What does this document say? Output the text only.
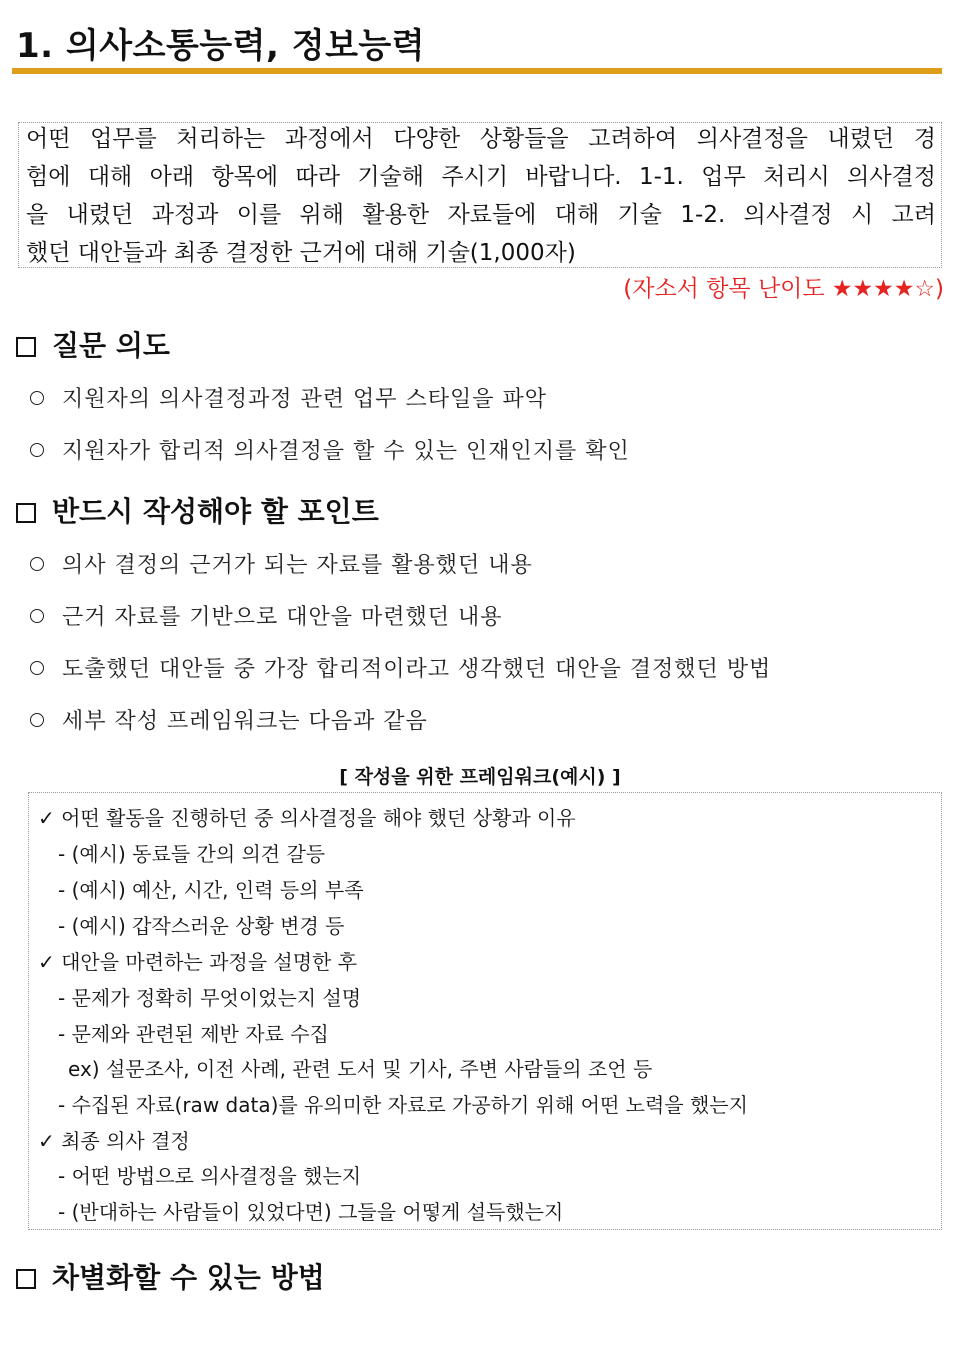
1. 의사소통능력, 정보능력
어떤 업무를 처리하는 과정에서 다양한 상황들을 고려하여 의사결정을 내렸던 경
험에 대해 아래 항목에 따라 기술해 주시기 바랍니다. 1-1. 업무 처리시 의사결정
을 내렸던 과정과 이를 위해 활용한 자료들에 대해 기술 1-2. 의사결정 시 고려
했던 대안들과 최종 결정한 근거에 대해 기술(1,000자)
(자소서 항목 난이도 ★★★★☆)
질문 의도
지원자의 의사결정과정 관련 업무 스타일을 파악
지원자가 합리적 의사결정을 할 수 있는 인재인지를 확인
반드시 작성해야 할 포인트
의사 결정의 근거가 되는 자료를 활용했던 내용
근거 자료를 기반으로 대안을 마련했던 내용
도출했던 대안들 중 가장 합리적이라고 생각했던 대안을 결정했던 방법
세부 작성 프레임워크는 다음과 같음
[ 작성을 위한 프레임워크(예시) ]
✓ 어떤 활동을 진행하던 중 의사결정을 해야 했던 상황과 이유
- (예시) 동료들 간의 의견 갈등
- (예시) 예산, 시간, 인력 등의 부족
- (예시) 갑작스러운 상황 변경 등
✓ 대안을 마련하는 과정을 설명한 후
- 문제가 정확히 무엇이었는지 설명
- 문제와 관련된 제반 자료 수집
ex) 설문조사, 이전 사례, 관련 도서 및 기사, 주변 사람들의 조언 등
- 수집된 자료(raw data)를 유의미한 자료로 가공하기 위해 어떤 노력을 했는지
✓ 최종 의사 결정
- 어떤 방법으로 의사결정을 했는지
- (반대하는 사람들이 있었다면) 그들을 어떻게 설득했는지
차별화할 수 있는 방법
